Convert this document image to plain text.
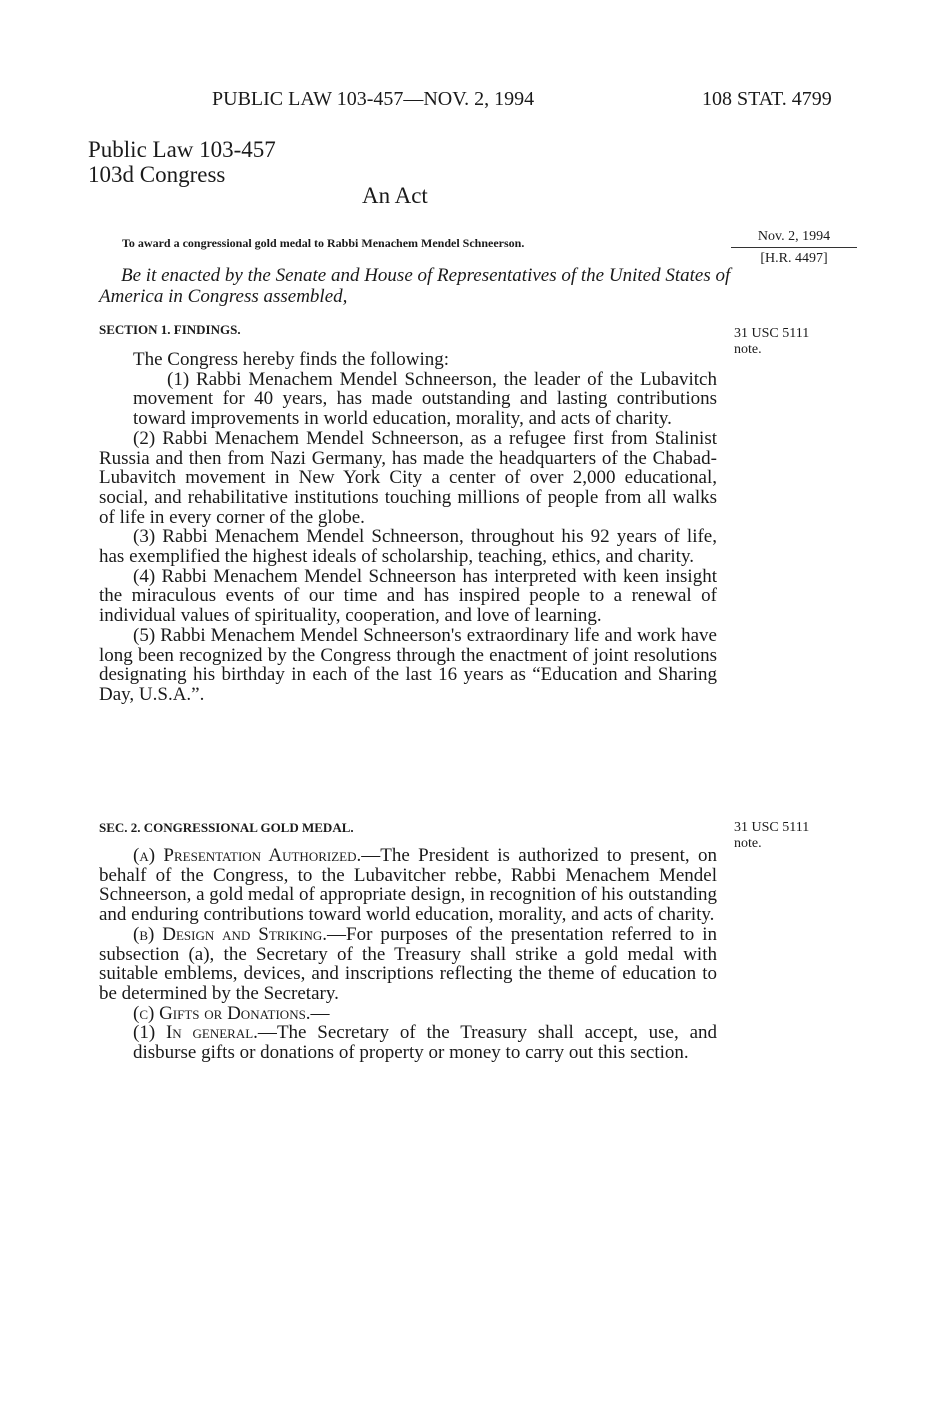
PUBLIC LAW 103-457—NOV. 2, 1994	108 STAT. 4799
Public Law 103-457
103d Congress
An Act
To award a congressional gold medal to Rabbi Menachem Mendel Schneerson.	Nov. 2, 1994
[H.R. 4497]

Be it enacted by the Senate and House of Representatives of the United States of America in Congress assembled,

SECTION 1. FINDINGS.	31 USC 5111
note.

The Congress hereby finds the following:

(1) Rabbi Menachem Mendel Schneerson, the leader of the Lubavitch movement for 40 years, has made outstanding and lasting contributions toward improvements in world education, morality, and acts of charity.

(2) Rabbi Menachem Mendel Schneerson, as a refugee first from Stalinist Russia and then from Nazi Germany, has made the headquarters of the Chabad-Lubavitch movement in New York City a center of over 2,000 educational, social, and rehabilitative institutions touching millions of people from all walks of life in every corner of the globe.

(3) Rabbi Menachem Mendel Schneerson, throughout his 92 years of life, has exemplified the highest ideals of scholarship, teaching, ethics, and charity.

(4) Rabbi Menachem Mendel Schneerson has interpreted with keen insight the miraculous events of our time and has inspired people to a renewal of individual values of spirituality, cooperation, and love of learning.

(5) Rabbi Menachem Mendel Schneerson's extraordinary life and work have long been recognized by the Congress through the enactment of joint resolutions designating his birthday in each of the last 16 years as “Education and Sharing Day, U.S.A.”.

SEC. 2. CONGRESSIONAL GOLD MEDAL.	31 USC 5111
note.

(a) Presentation Authorized.—The President is authorized to present, on behalf of the Congress, to the Lubavitcher rebbe, Rabbi Menachem Mendel Schneerson, a gold medal of appropriate design, in recognition of his outstanding and enduring contributions toward world education, morality, and acts of charity.

(b) Design and Striking.—For purposes of the presentation referred to in subsection (a), the Secretary of the Treasury shall strike a gold medal with suitable emblems, devices, and inscriptions reflecting the theme of education to be determined by the Secretary.

(c) Gifts or Donations.—

(1) In general.—The Secretary of the Treasury shall accept, use, and disburse gifts or donations of property or money to carry out this section.
